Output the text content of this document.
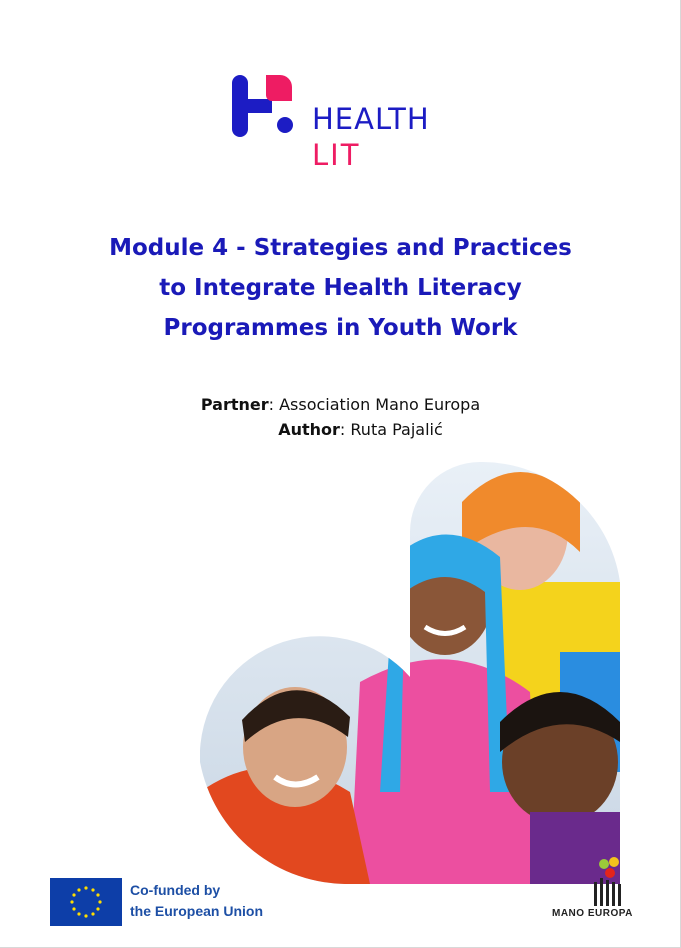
HEALTH
LIT
Module 4 - Strategies and Practices
to Integrate Health Literacy
Programmes in Youth Work
Partner: Association Mano Europa
Author: Ruta Pajalić
Co-funded by
the European Union	MANO EUROPA
